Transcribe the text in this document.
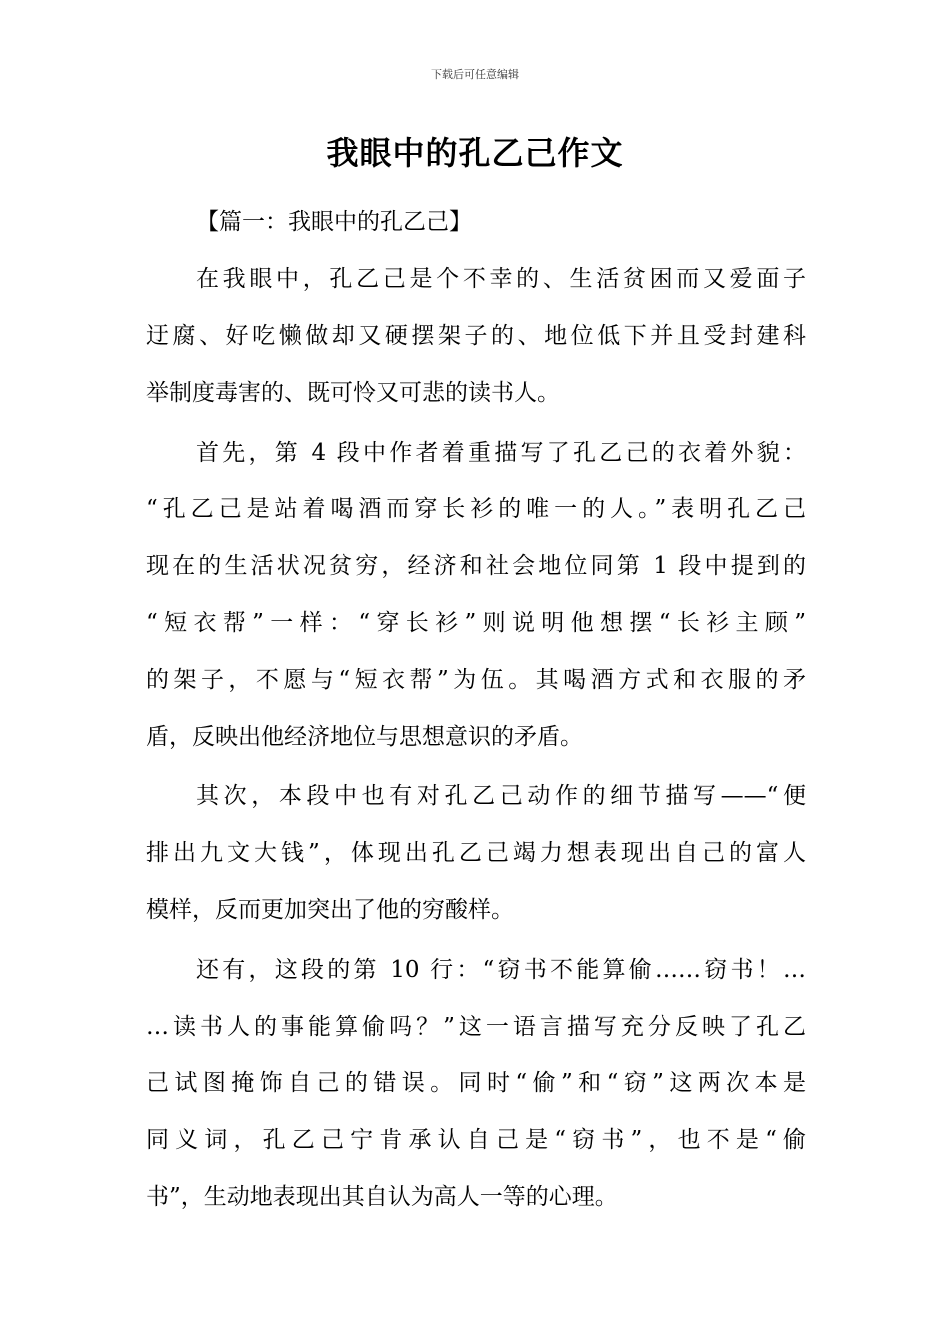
下载后可任意编辑
我眼中的孔乙己作文
【篇一：我眼中的孔乙己】
在我眼中，孔乙己是个不幸的、生活贫困而又爱面子
迂腐、好吃懒做却又硬摆架子的、地位低下并且受封建科
举制度毒害的、既可怜又可悲的读书人。
首先，第 4 段中作者着重描写了孔乙己的衣着外貌：
“孔乙己是站着喝酒而穿长衫的唯一的人。”表明孔乙己
现在的生活状况贫穷，经济和社会地位同第 1 段中提到的
“短衣帮”一样：“穿长衫”则说明他想摆“长衫主顾”
的架子，不愿与“短衣帮”为伍。其喝酒方式和衣服的矛
盾，反映出他经济地位与思想意识的矛盾。
其次，本段中也有对孔乙己动作的细节描写——“便
排出九文大钱”，体现出孔乙己竭力想表现出自己的富人
模样，反而更加突出了他的穷酸样。
还有，这段的第 10 行：“窃书不能算偷……窃书！…
…读书人的事能算偷吗？”这一语言描写充分反映了孔乙
己试图掩饰自己的错误。同时“偷”和“窃”这两次本是
同义词，孔乙己宁肯承认自己是“窃书”，也不是“偷
书”，生动地表现出其自认为高人一等的心理。
